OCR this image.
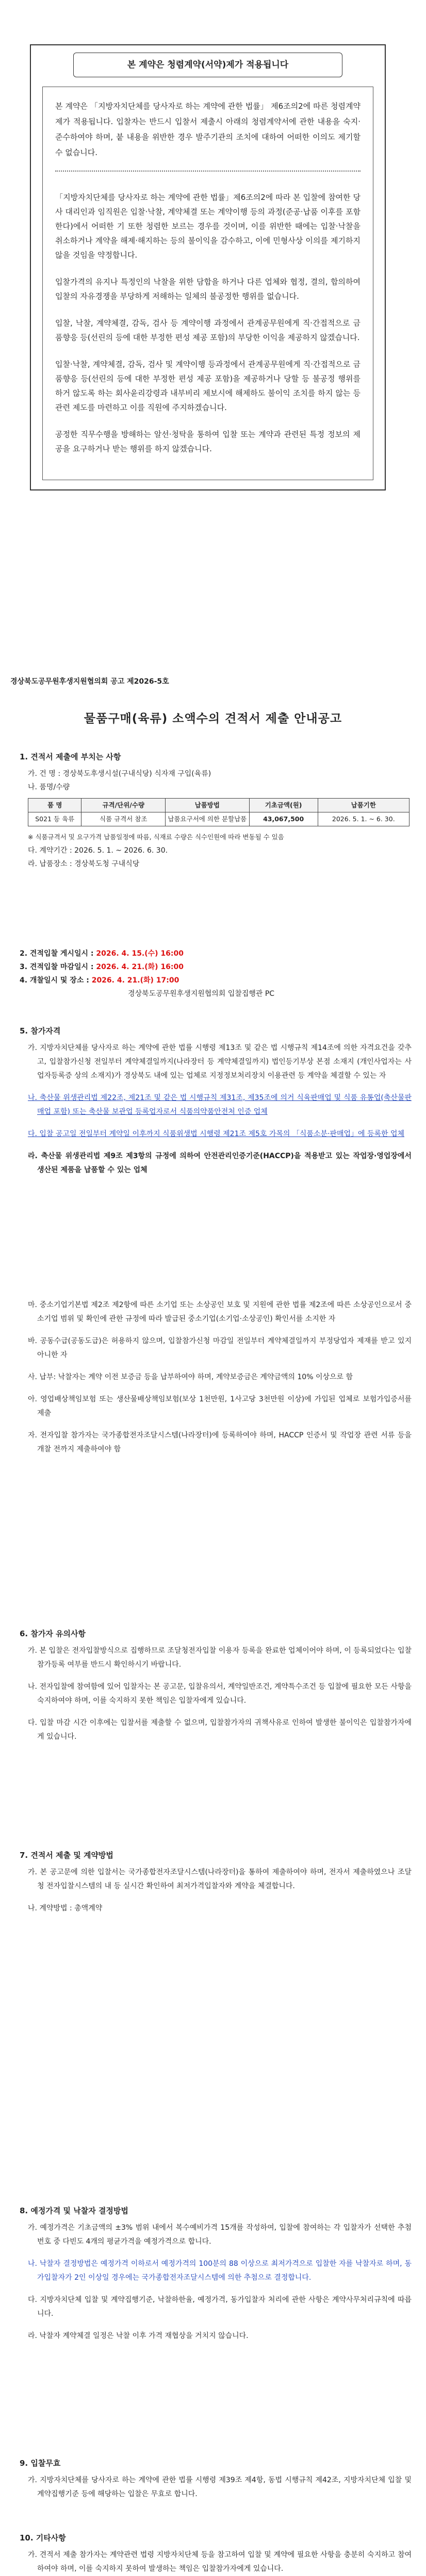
본 계약은 청렴계약(서약)제가 적용됩니다

본 계약은 「지방자치단체를 당사자로 하는 계약에 관한 법률」 제6조의2에 따른 청렴계약제가 적용됩니다. 입찰자는 반드시 입찰서 제출시 아래의 청렴계약서에 관한 내용을 숙지·준수하여야 하며, 붙 내용을 위반한 경우 발주기관의 조치에 대하여 어떠한 이의도 제기할 수 없습니다.

「지방자치단체를 당사자로 하는 계약에 관한 법률」제6조의2에 따라 본 입찰에 참여한 당사 대리인과 임직원은 입찰·낙찰, 계약체결 또는 계약이행 등의 과정(준공·납품 이후를 포함한다)에서 어떠한 기 또한 청렴한 보르는 경우를 것이며, 이를 위반한 때에는 입찰·낙찰을 취소하거나 계약을 해제·해지하는 등의 불이익을 감수하고, 이에 민형사상 이의를 제기하지 않을 것임을 약정합니다.
입찰가격의 유지나 특정인의 낙찰을 위한 담합을 하거나 다른 업체와 협정, 결의, 합의하여 입찰의 자유경쟁을 부당하게 저해하는 일체의 불공정한 행위를 없습니다.
입찰, 낙찰, 계약체결, 감독, 검사 등 계약이행 과정에서 관계공무원에게 직·간접적으로 금품향응 등(선린의 등에 대한 부정한 편성 제공 포함)의 부당한 이익을 제공하지 않겠습니다.
입찰·낙찰, 계약체결, 감독, 검사 및 계약이행 등과정에서 관계공무원에게 직·간접적으로 금품향응 등(선린의 등에 대한 부정한 편성 제공 포함)을 제공하거나 당할 등 불공정 행위를 하거 않도록 하는 회사윤리강령과 내부비리 제보시에 해제하도 불이익 조치를 하지 않는 등 관련 제도를 마련하고 이를 직원에 주지하겠습니다.
공정한 직무수행을 방해하는 알선·청탁을 통하여 입찰 또는 계약과 관련된 특정 정보의 제공을 요구하거나 받는 행위를 하지 않겠습니다.
경상북도공무원후생지원협의회 공고 제2026-5호
물품구매(육류) 소액수의 견적서 제출 안내공고

1. 견적서 제출에 부치는 사항

가. 건 명 : 경상북도후생시설(구내식당) 식자재 구입(육류)

나. 품명/수량

품 명	규격/단위/수량	납품방법	기초금액(원)	납품기한
S021 등 육류	식품 규격서 참조	납품요구서에 의한 분할납품	43,067,500	2026. 5. 1. ~ 6. 30.

※ 식품규격서 및 요구가격 납품일정에 따름, 식재료 수량은 식수인원에 따라 변동될 수 있음

다. 계약기간 : 2026. 5. 1. ~ 2026. 6. 30.

라. 납품장소 : 경상북도청 구내식당

2. 견적입찰 게시일시 : 2026. 4. 15.(수) 16:00

3. 견적입찰 마감일시 : 2026. 4. 21.(화) 16:00

4. 개찰일시 및 장소 : 2026. 4. 21.(화) 17:00

경상북도공무원후생지원협의회 입찰집행관 PC

5. 참가자격

가. 지방자치단체를 당사자로 하는 계약에 관한 법률 시행령 제13조 및 같은 법 시행규칙 제14조에 의한 자격요건을 갖추고, 입찰참가신청 전일부터 계약체결일까지(나라장터 등 계약체결일까지) 법인등기부상 본점 소재지 (개인사업자는 사업자등록증 상의 소재지)가 경상북도 내에 있는 업체로 지정정보처리장치 이용관련 등 계약을 체결할 수 있는 자

나. 축산물 위생관리법 제22조, 제21조 및 같은 법 시행규칙 제31조, 제35조에 의거 식육판매업 및 식품 유통업(축산물판매업 포함) 또는 축산물 보관업 등록업자로서 식품의약품안전처 인증 업체

다. 입찰 공고일 전일부터 계약일 이후까지 식품위생법 시행령 제21조 제5호 가목의 「식품소분·판매업」에 등록한 업체

라. 축산물 위생관리법 제9조 제3항의 규정에 의하여 안전관리인증기준(HACCP)을 적용받고 있는 작업장·영업장에서 생산된 제품을 납품할 수 있는 업체

마. 중소기업기본법 제2조 제2항에 따른 소기업 또는 소상공인 보호 및 지원에 관한 법률 제2조에 따른 소상공인으로서 중소기업 범위 및 확인에 관한 규정에 따라 발급된 중소기업(소기업·소상공인) 확인서를 소지한 자

바. 공동수급(공동도급)은 허용하지 않으며, 입찰참가신청 마감일 전일부터 계약체결일까지 부정당업자 제재를 받고 있지 아니한 자

사. 납부: 낙찰자는 계약 이전 보증금 등을 납부하여야 하며, 계약보증금은 계약금액의 10% 이상으로 함

아. 영업배상책임보험 또는 생산물배상책임보험(보상 1천만원, 1사고당 3천만원 이상)에 가입된 업체로 보험가입증서를 제출

자. 전자입찰 참가자는 국가종합전자조달시스템(나라장터)에 등록하여야 하며, HACCP 인증서 및 작업장 관련 서류 등을 개찰 전까지 제출하여야 함

6. 참가자 유의사항

가. 본 입찰은 전자입찰방식으로 집행하므로 조달청전자입찰 이용자 등록을 완료한 업체이어야 하며, 이 등록되었다는 입찰참가등록 여부를 반드시 확인하시기 바랍니다.

나. 전자입찰에 참여함에 있어 입찰자는 본 공고문, 입찰유의서, 계약일반조건, 계약특수조건 등 입찰에 필요한 모든 사항을 숙지하여야 하며, 이를 숙지하지 못한 책임은 입찰자에게 있습니다.

다. 입찰 마감 시간 이후에는 입찰서를 제출할 수 없으며, 입찰참가자의 귀책사유로 인하여 발생한 불이익은 입찰참가자에게 있습니다.

7. 견적서 제출 및 계약방법

가. 본 공고문에 의한 입찰서는 국가종합전자조달시스템(나라장터)을 통하여 제출하여야 하며, 전자서 제출하였으나 조달청 전자입찰시스템의 내 등 실시간 확인하여 최저가격입찰자와 계약을 체결합니다.

나. 계약방법 : 총액계약

8. 예정가격 및 낙찰자 결정방법

가. 예정가격은 기초금액의 ±3% 범위 내에서 복수예비가격 15개를 작성하여, 입찰에 참여하는 각 입찰자가 선택한 추첨번호 중 다빈도 4개의 평균가격을 예정가격으로 합니다.

나. 낙찰자 결정방법은 예정가격 이하로서 예정가격의 100분의 88 이상으로 최저가격으로 입찰한 자를 낙찰자로 하며, 동가입찰자가 2인 이상일 경우에는 국가종합전자조달시스템에 의한 추첨으로 결정합니다.

다. 지방자치단체 입찰 및 계약집행기준, 낙찰하한율, 예정가격, 동가입찰자 처리에 관한 사항은 계약사무처리규칙에 따릅니다.

라. 낙찰자 계약체결 일정은 낙찰 이후 가격 재협상을 거치지 않습니다.

9. 입찰무효

가. 지방자치단체를 당사자로 하는 계약에 관한 법률 시행령 제39조 제4항, 동법 시행규칙 제42조, 지방자치단체 입찰 및 계약집행기준 등에 해당하는 입찰은 무효로 합니다.

10. 기타사항

가. 견적서 제출 참가자는 계약관련 법령 지방자치단체 등을 참고하여 입찰 및 계약에 필요한 사항을 충분히 숙지하고 참여하여야 하며, 이를 숙지하지 못하여 발생하는 책임은 입찰참가자에게 있습니다.
